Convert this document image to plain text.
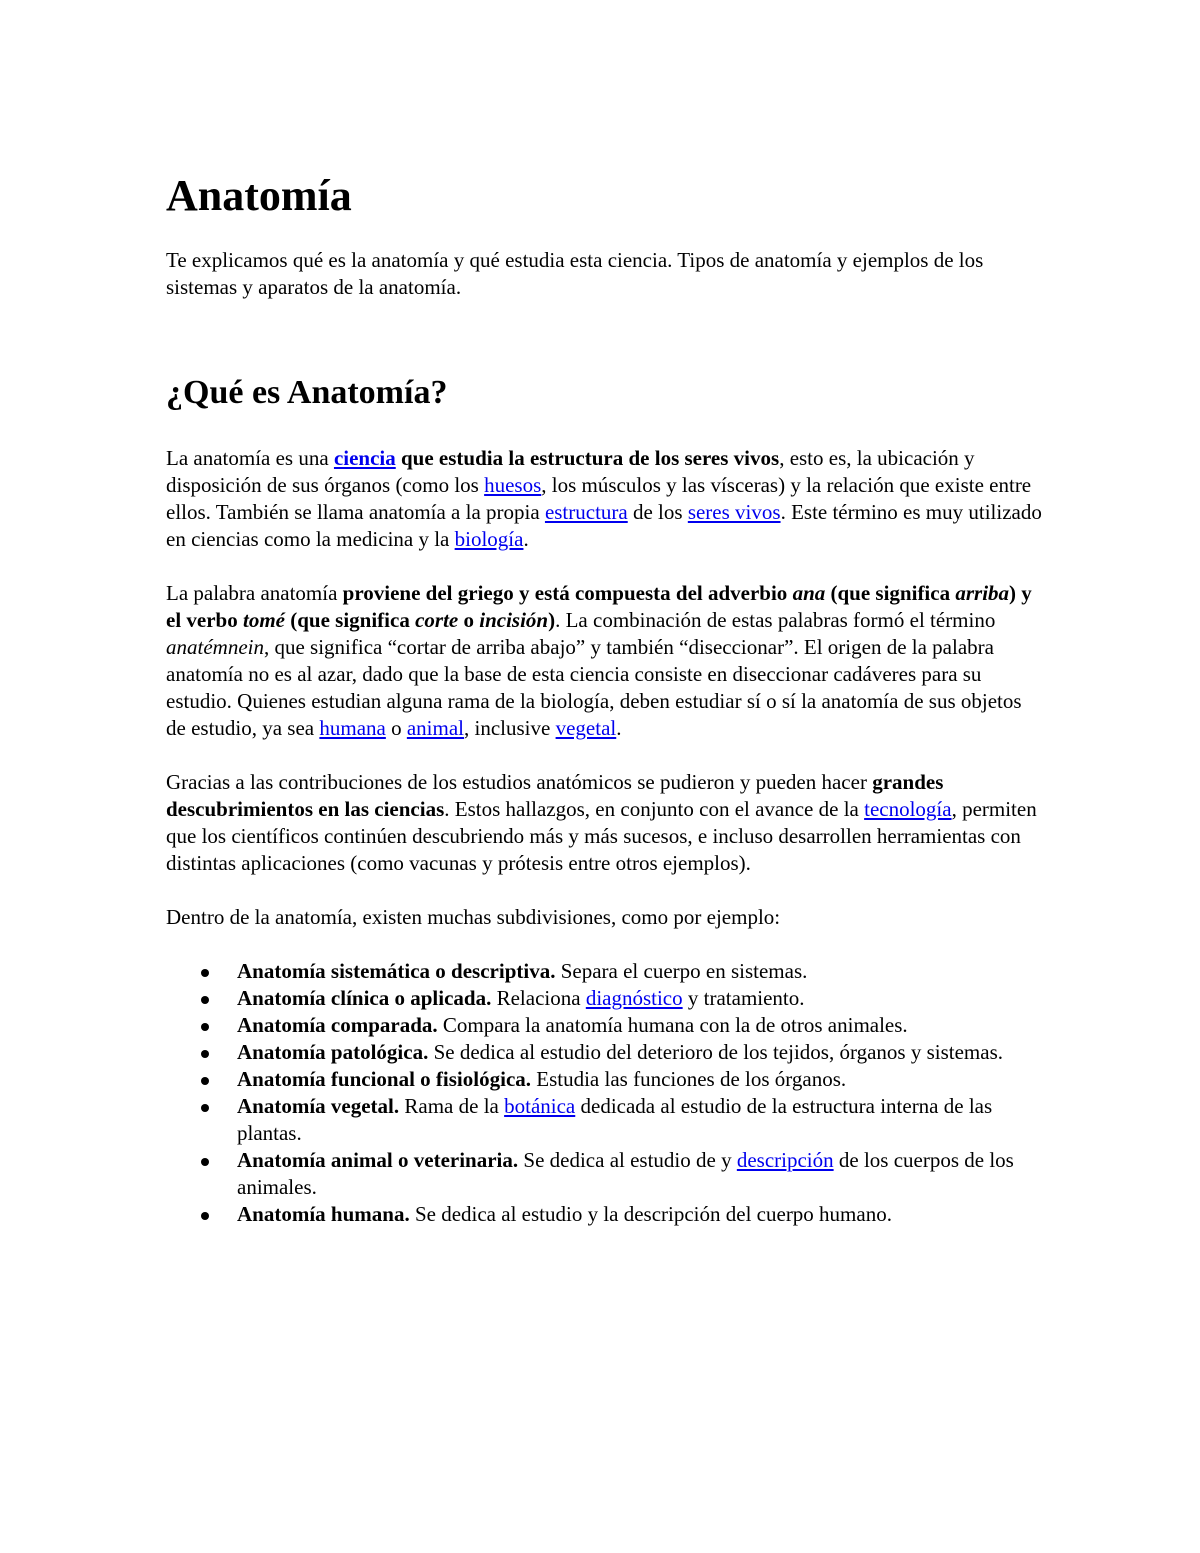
Anatomía

Te explicamos qué es la anatomía y qué estudia esta ciencia. Tipos de anatomía y ejemplos de los sistemas y aparatos de la anatomía.

¿Qué es Anatomía?

La anatomía es una ciencia que estudia la estructura de los seres vivos, esto es, la ubicación y disposición de sus órganos (como los huesos, los músculos y las vísceras) y la relación que existe entre ellos. También se llama anatomía a la propia estructura de los seres vivos. Este término es muy utilizado en ciencias como la medicina y la biología.

La palabra anatomía proviene del griego y está compuesta del adverbio ana (que significa arriba) y el verbo tomé (que significa corte o incisión). La combinación de estas palabras formó el término anatémnein, que significa “cortar de arriba abajo” y también “diseccionar”. El origen de la palabra anatomía no es al azar, dado que la base de esta ciencia consiste en diseccionar cadáveres para su estudio. Quienes estudian alguna rama de la biología, deben estudiar sí o sí la anatomía de sus objetos de estudio, ya sea humana o animal, inclusive vegetal.

Gracias a las contribuciones de los estudios anatómicos se pudieron y pueden hacer grandes descubrimientos en las ciencias. Estos hallazgos, en conjunto con el avance de la tecnología, permiten que los científicos continúen descubriendo más y más sucesos, e incluso desarrollen herramientas con distintas aplicaciones (como vacunas y prótesis entre otros ejemplos).

Dentro de la anatomía, existen muchas subdivisiones, como por ejemplo:

Anatomía sistemática o descriptiva. Separa el cuerpo en sistemas.
Anatomía clínica o aplicada. Relaciona diagnóstico y tratamiento.
Anatomía comparada. Compara la anatomía humana con la de otros animales.
Anatomía patológica. Se dedica al estudio del deterioro de los tejidos, órganos y sistemas.
Anatomía funcional o fisiológica. Estudia las funciones de los órganos.
Anatomía vegetal. Rama de la botánica dedicada al estudio de la estructura interna de las plantas.
Anatomía animal o veterinaria. Se dedica al estudio de y descripción de los cuerpos de los animales.
Anatomía humana. Se dedica al estudio y la descripción del cuerpo humano.
